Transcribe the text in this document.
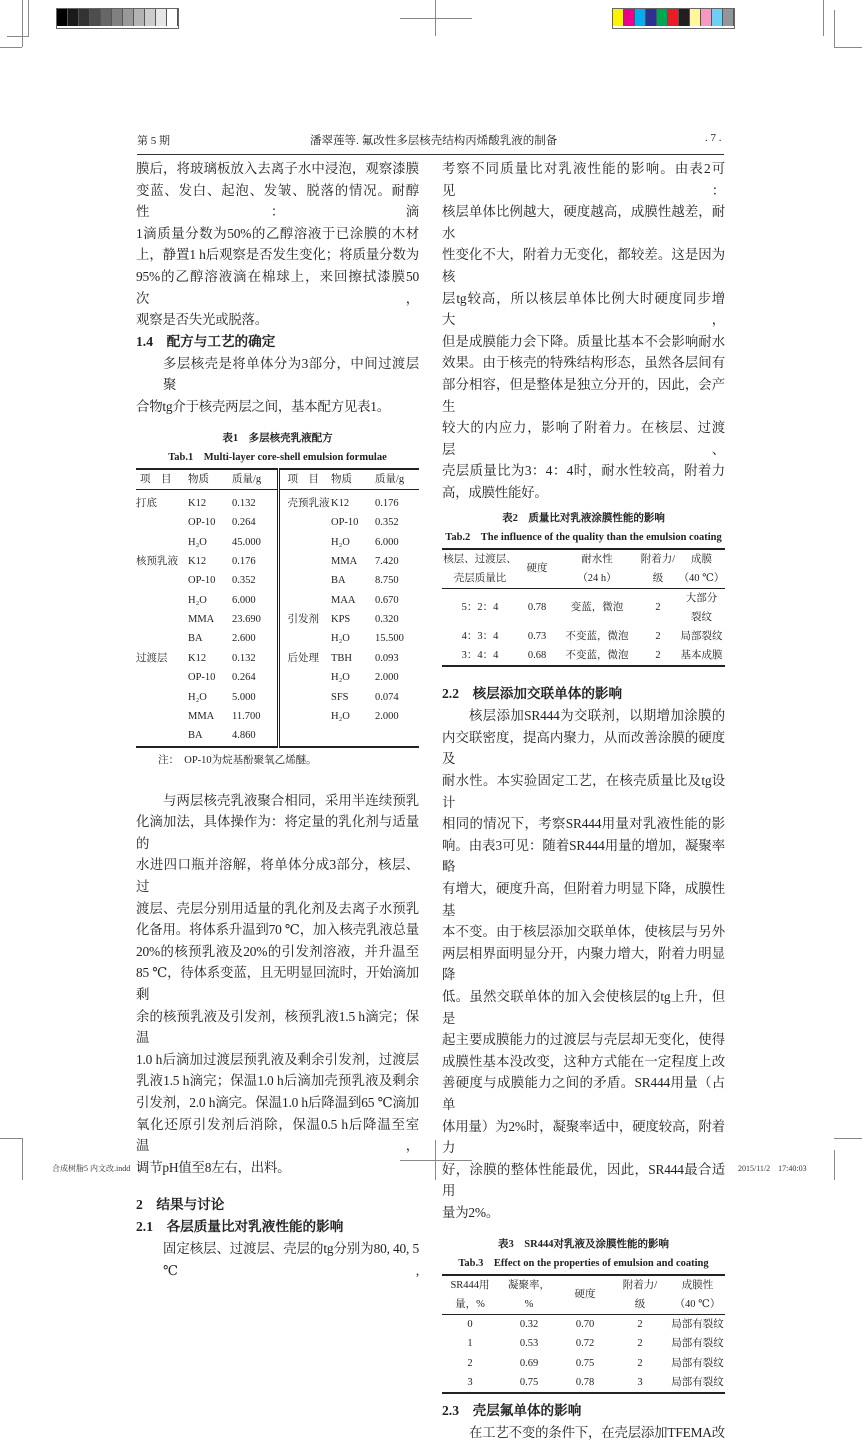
第 5 期	潘翠莲等. 氟改性多层核壳结构丙烯酸乳液的制备	. 7 .
膜后，将玻璃板放入去离子水中浸泡，观察漆膜
变蓝、发白、起泡、发皱、脱落的情况。耐醇性：滴
1滴质量分数为50%的乙醇溶液于已涂膜的木材
上，静置1 h后观察是否发生变化；将质量分数为
95%的乙醇溶液滴在棉球上，来回擦拭漆膜50次，
观察是否失光或脱落。
1.4　配方与工艺的确定
多层核壳是将单体分为3部分，中间过渡层聚
合物tg介于核壳两层之间，基本配方见表1。
表1　多层核壳乳液配方
Tab.1　Multi-layer core-shell emulsion formulae
项　目	物质	质量/g	项　目	物质	质量/g
打底	K12	0.132	壳预乳液	K12	0.176
	OP-10	0.264		OP-10	0.352
	H₂O	45.000		H₂O	6.000
核预乳液	K12	0.176		MMA	7.420
	OP-10	0.352		BA	8.750
	H₂O	6.000		MAA	0.670
	MMA	23.690	引发剂	KPS	0.320
	BA	2.600		H₂O	15.500
过渡层	K12	0.132	后处理	TBH	0.093
	OP-10	0.264		H₂O	2.000
	H₂O	5.000		SFS	0.074
	MMA	11.700		H₂O	2.000
	BA	4.860			
注：　OP-10为烷基酚聚氧乙烯醚。
与两层核壳乳液聚合相同，采用半连续预乳
化滴加法，具体操作为：将定量的乳化剂与适量的
水进四口瓶并溶解，将单体分成3部分，核层、过
渡层、壳层分别用适量的乳化剂及去离子水预乳
化备用。将体系升温到70 ℃，加入核壳乳液总量
20%的核预乳液及20%的引发剂溶液，并升温至
85 ℃，待体系变蓝，且无明显回流时，开始滴加剩
余的核预乳液及引发剂，核预乳液1.5 h滴完；保温
1.0 h后滴加过渡层预乳液及剩余引发剂，过渡层
乳液1.5 h滴完；保温1.0 h后滴加壳预乳液及剩余
引发剂，2.0 h滴完。保温1.0 h后降温到65 ℃滴加
氧化还原引发剂后消除，保温0.5 h后降温至室温，
调节pH值至8左右，出料。
2　结果与讨论
2.1　各层质量比对乳液性能的影响
固定核层、过渡层、壳层的tg分别为80, 40, 5 ℃,
考察不同质量比对乳液性能的影响。由表2可见：
核层单体比例越大，硬度越高，成膜性越差，耐水
性变化不大，附着力无变化，都较差。这是因为核
层tg较高，所以核层单体比例大时硬度同步增大，
但是成膜能力会下降。质量比基本不会影响耐水
效果。由于核壳的特殊结构形态，虽然各层间有
部分相容，但是整体是独立分开的，因此，会产生
较大的内应力，影响了附着力。在核层、过渡层、
壳层质量比为3：4：4时，耐水性较高，附着力
高，成膜性能好。
表2　质量比对乳液涂膜性能的影响
Tab.2　The influence of the quality than the emulsion coating
核层、过渡层、	硬度	耐水性	附着力/	成膜
壳层质量比		（24 h）	级	（40 ℃）
5：2：4	0.78	变蓝，微泡	2	大部分
裂纹
4：3：4	0.73	不变蓝，微泡	2	局部裂纹
3：4：4	0.68	不变蓝，微泡	2	基本成膜
2.2　核层添加交联单体的影响
核层添加SR444为交联剂，以期增加涂膜的
内交联密度，提高内聚力，从而改善涂膜的硬度及
耐水性。本实验固定工艺，在核壳质量比及tg设计
相同的情况下，考察SR444用量对乳液性能的影
响。由表3可见：随着SR444用量的增加，凝聚率略
有增大，硬度升高，但附着力明显下降，成膜性基
本不变。由于核层添加交联单体，使核层与另外
两层相界面明显分开，内聚力增大，附着力明显降
低。虽然交联单体的加入会使核层的tg上升，但是
起主要成膜能力的过渡层与壳层却无变化，使得
成膜性基本没改变，这种方式能在一定程度上改
善硬度与成膜能力之间的矛盾。SR444用量（占单
体用量）为2%时，凝聚率适中，硬度较高，附着力
好，涂膜的整体性能最优，因此，SR444最合适用
量为2%。
表3　SR444对乳液及涂膜性能的影响
Tab.3　Effect on the properties of emulsion and coating
SR444用	凝聚率，	硬度	附着力/	成膜性
量，%	%		级	（40 ℃）
0	0.32	0.70	2	局部有裂纹
1	0.53	0.72	2	局部有裂纹
2	0.69	0.75	2	局部有裂纹
3	0.75	0.78	3	局部有裂纹
2.3　壳层氟单体的影响
在工艺不变的条件下，在壳层添加TFEMA改
合成树脂5 内文改.indd　7	2015/11/2　17:40:03
